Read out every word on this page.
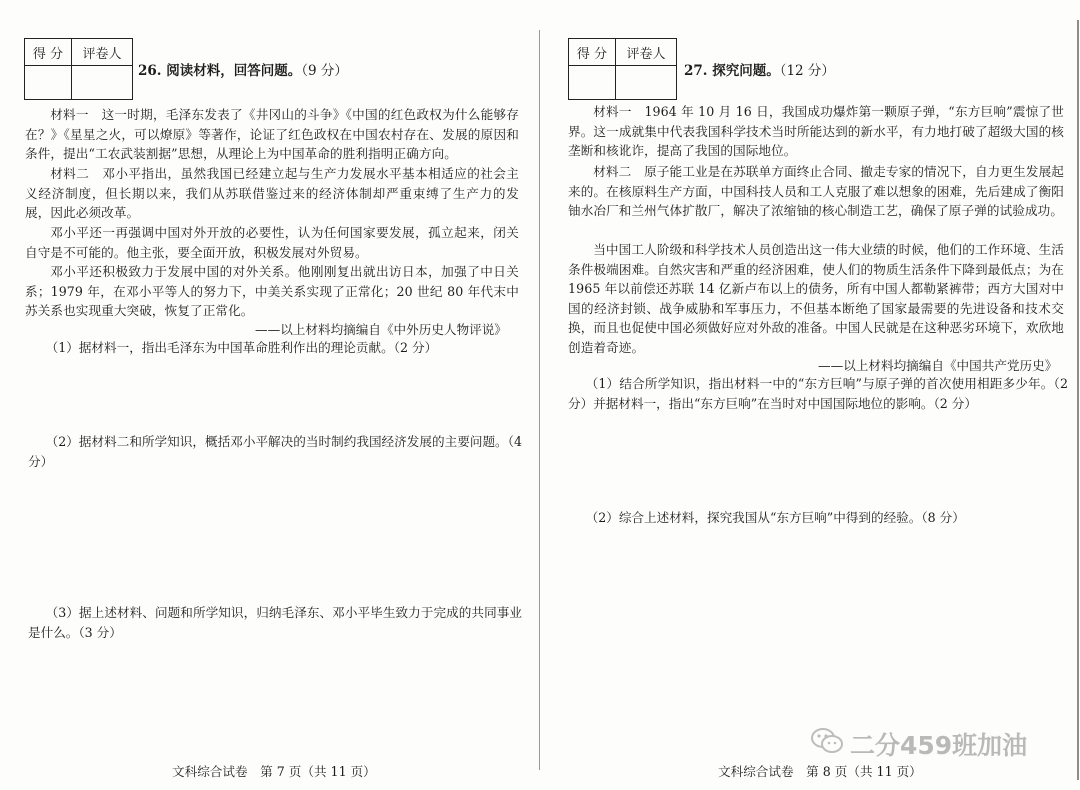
得 分	评卷人

26. 阅读材料，回答问题。（9 分）

材料一　这一时期，毛泽东发表了《井冈山的斗争》《中国的红色政权为什么能够存在？》《星星之火，可以燎原》等著作，论证了红色政权在中国农村存在、发展的原因和条件，提出“工农武装割据”思想，从理论上为中国革命的胜利指明正确方向。

材料二　邓小平指出，虽然我国已经建立起与生产力发展水平基本相适应的社会主义经济制度，但长期以来，我们从苏联借鉴过来的经济体制却严重束缚了生产力的发展，因此必须改革。

邓小平还一再强调中国对外开放的必要性，认为任何国家要发展，孤立起来，闭关自守是不可能的。他主张，要全面开放，积极发展对外贸易。

邓小平还积极致力于发展中国的对外关系。他刚刚复出就出访日本，加强了中日关系；1979 年，在邓小平等人的努力下，中美关系实现了正常化；20 世纪 80 年代末中苏关系也实现重大突破，恢复了正常化。

——以上材料均摘编自《中外历史人物评说》

（1）据材料一，指出毛泽东为中国革命胜利作出的理论贡献。（2 分）

（2）据材料二和所学知识，概括邓小平解决的当时制约我国经济发展的主要问题。（4 分）

（3）据上述材料、问题和所学知识，归纳毛泽东、邓小平毕生致力于完成的共同事业是什么。（3 分）

文科综合试卷　第 7 页（共 11 页）
得 分	评卷人

27. 探究问题。（12 分）

材料一　1964 年 10 月 16 日，我国成功爆炸第一颗原子弹，“东方巨响”震惊了世界。这一成就集中代表我国科学技术当时所能达到的新水平，有力地打破了超级大国的核垄断和核讹诈，提高了我国的国际地位。

材料二　原子能工业是在苏联单方面终止合同、撤走专家的情况下，自力更生发展起来的。在核原料生产方面，中国科技人员和工人克服了难以想象的困难，先后建成了衡阳铀水冶厂和兰州气体扩散厂，解决了浓缩铀的核心制造工艺，确保了原子弹的试验成功。

当中国工人阶级和科学技术人员创造出这一伟大业绩的时候，他们的工作环境、生活条件极端困难。自然灾害和严重的经济困难，使人们的物质生活条件下降到最低点；为在 1965 年以前偿还苏联 14 亿新卢布以上的债务，所有中国人都勒紧裤带；西方大国对中国的经济封锁、战争威胁和军事压力，不但基本断绝了国家最需要的先进设备和技术交换，而且也促使中国必须做好应对外敌的准备。中国人民就是在这种恶劣环境下，欢欣地创造着奇迹。

——以上材料均摘编自《中国共产党历史》

（1）结合所学知识，指出材料一中的“东方巨响”与原子弹的首次使用相距多少年。（2 分）并据材料一，指出“东方巨响”在当时对中国国际地位的影响。（2 分）

（2）综合上述材料，探究我国从“东方巨响”中得到的经验。（8 分）

文科综合试卷　第 8 页（共 11 页）
二分459班加油
